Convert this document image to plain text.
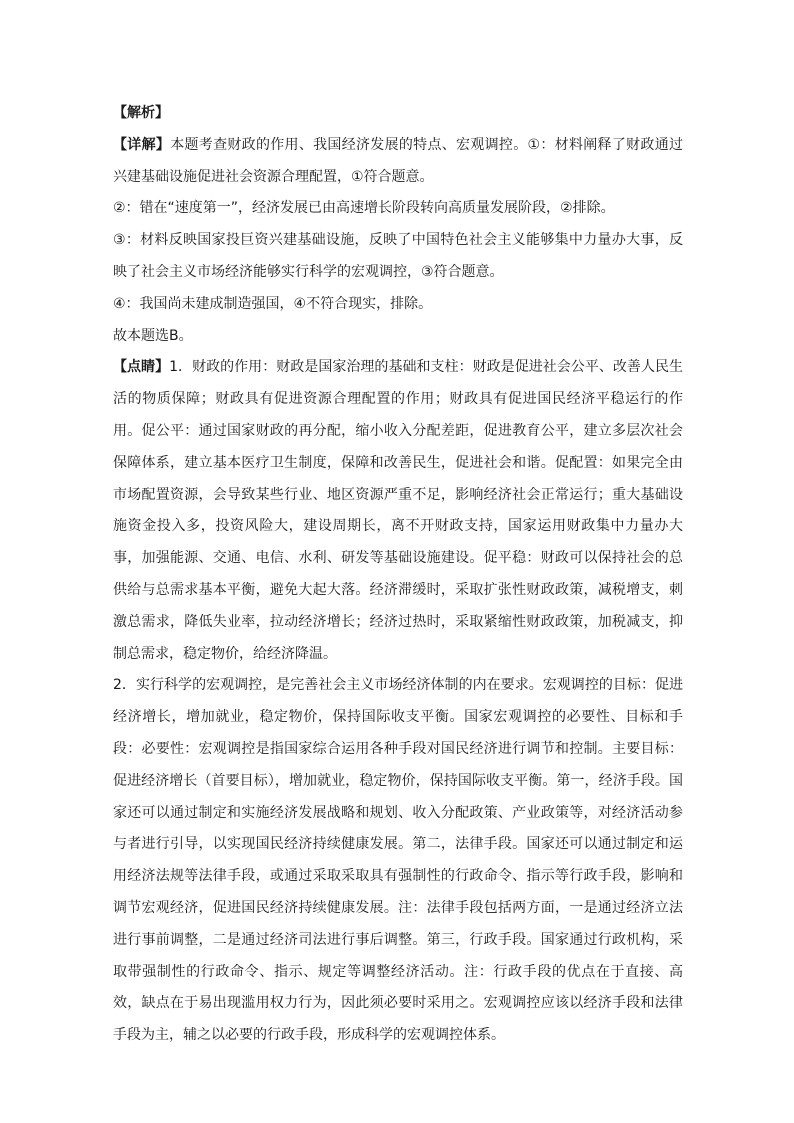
【解析】

【详解】本题考查财政的作用、我国经济发展的特点、宏观调控。①：材料阐释了财政通过兴建基础设施促进社会资源合理配置，①符合题意。

②：错在“速度第一”，经济发展已由高速增长阶段转向高质量发展阶段，②排除。

③：材料反映国家投巨资兴建基础设施，反映了中国特色社会主义能够集中力量办大事，反映了社会主义市场经济能够实行科学的宏观调控，③符合题意。

④：我国尚未建成制造强国，④不符合现实，排除。

故本题选B。

【点睛】1．财政的作用：财政是国家治理的基础和支柱：财政是促进社会公平、改善人民生活的物质保障；财政具有促进资源合理配置的作用；财政具有促进国民经济平稳运行的作用。促公平：通过国家财政的再分配，缩小收入分配差距，促进教育公平，建立多层次社会保障体系，建立基本医疗卫生制度，保障和改善民生，促进社会和谐。促配置：如果完全由市场配置资源，会导致某些行业、地区资源严重不足，影响经济社会正常运行；重大基础设施资金投入多，投资风险大，建设周期长，离不开财政支持，国家运用财政集中力量办大事，加强能源、交通、电信、水利、研发等基础设施建设。促平稳：财政可以保持社会的总供给与总需求基本平衡，避免大起大落。经济滞缓时，采取扩张性财政政策，减税增支，刺激总需求，降低失业率，拉动经济增长；经济过热时，采取紧缩性财政政策，加税减支，抑制总需求，稳定物价，给经济降温。

2．实行科学的宏观调控，是完善社会主义市场经济体制的内在要求。宏观调控的目标：促进经济增长，增加就业，稳定物价，保持国际收支平衡。国家宏观调控的必要性、目标和手段：必要性：宏观调控是指国家综合运用各种手段对国民经济进行调节和控制。主要目标：促进经济增长（首要目标），增加就业，稳定物价，保持国际收支平衡。第一，经济手段。国家还可以通过制定和实施经济发展战略和规划、收入分配政策、产业政策等，对经济活动参与者进行引导，以实现国民经济持续健康发展。第二，法律手段。国家还可以通过制定和运用经济法规等法律手段，或通过采取采取具有强制性的行政命令、指示等行政手段，影响和调节宏观经济，促进国民经济持续健康发展。注：法律手段包括两方面，一是通过经济立法进行事前调整，二是通过经济司法进行事后调整。第三，行政手段。国家通过行政机构，采取带强制性的行政命令、指示、规定等调整经济活动。注：行政手段的优点在于直接、高效，缺点在于易出现滥用权力行为，因此须必要时采用之。宏观调控应该以经济手段和法律手段为主，辅之以必要的行政手段，形成科学的宏观调控体系。
